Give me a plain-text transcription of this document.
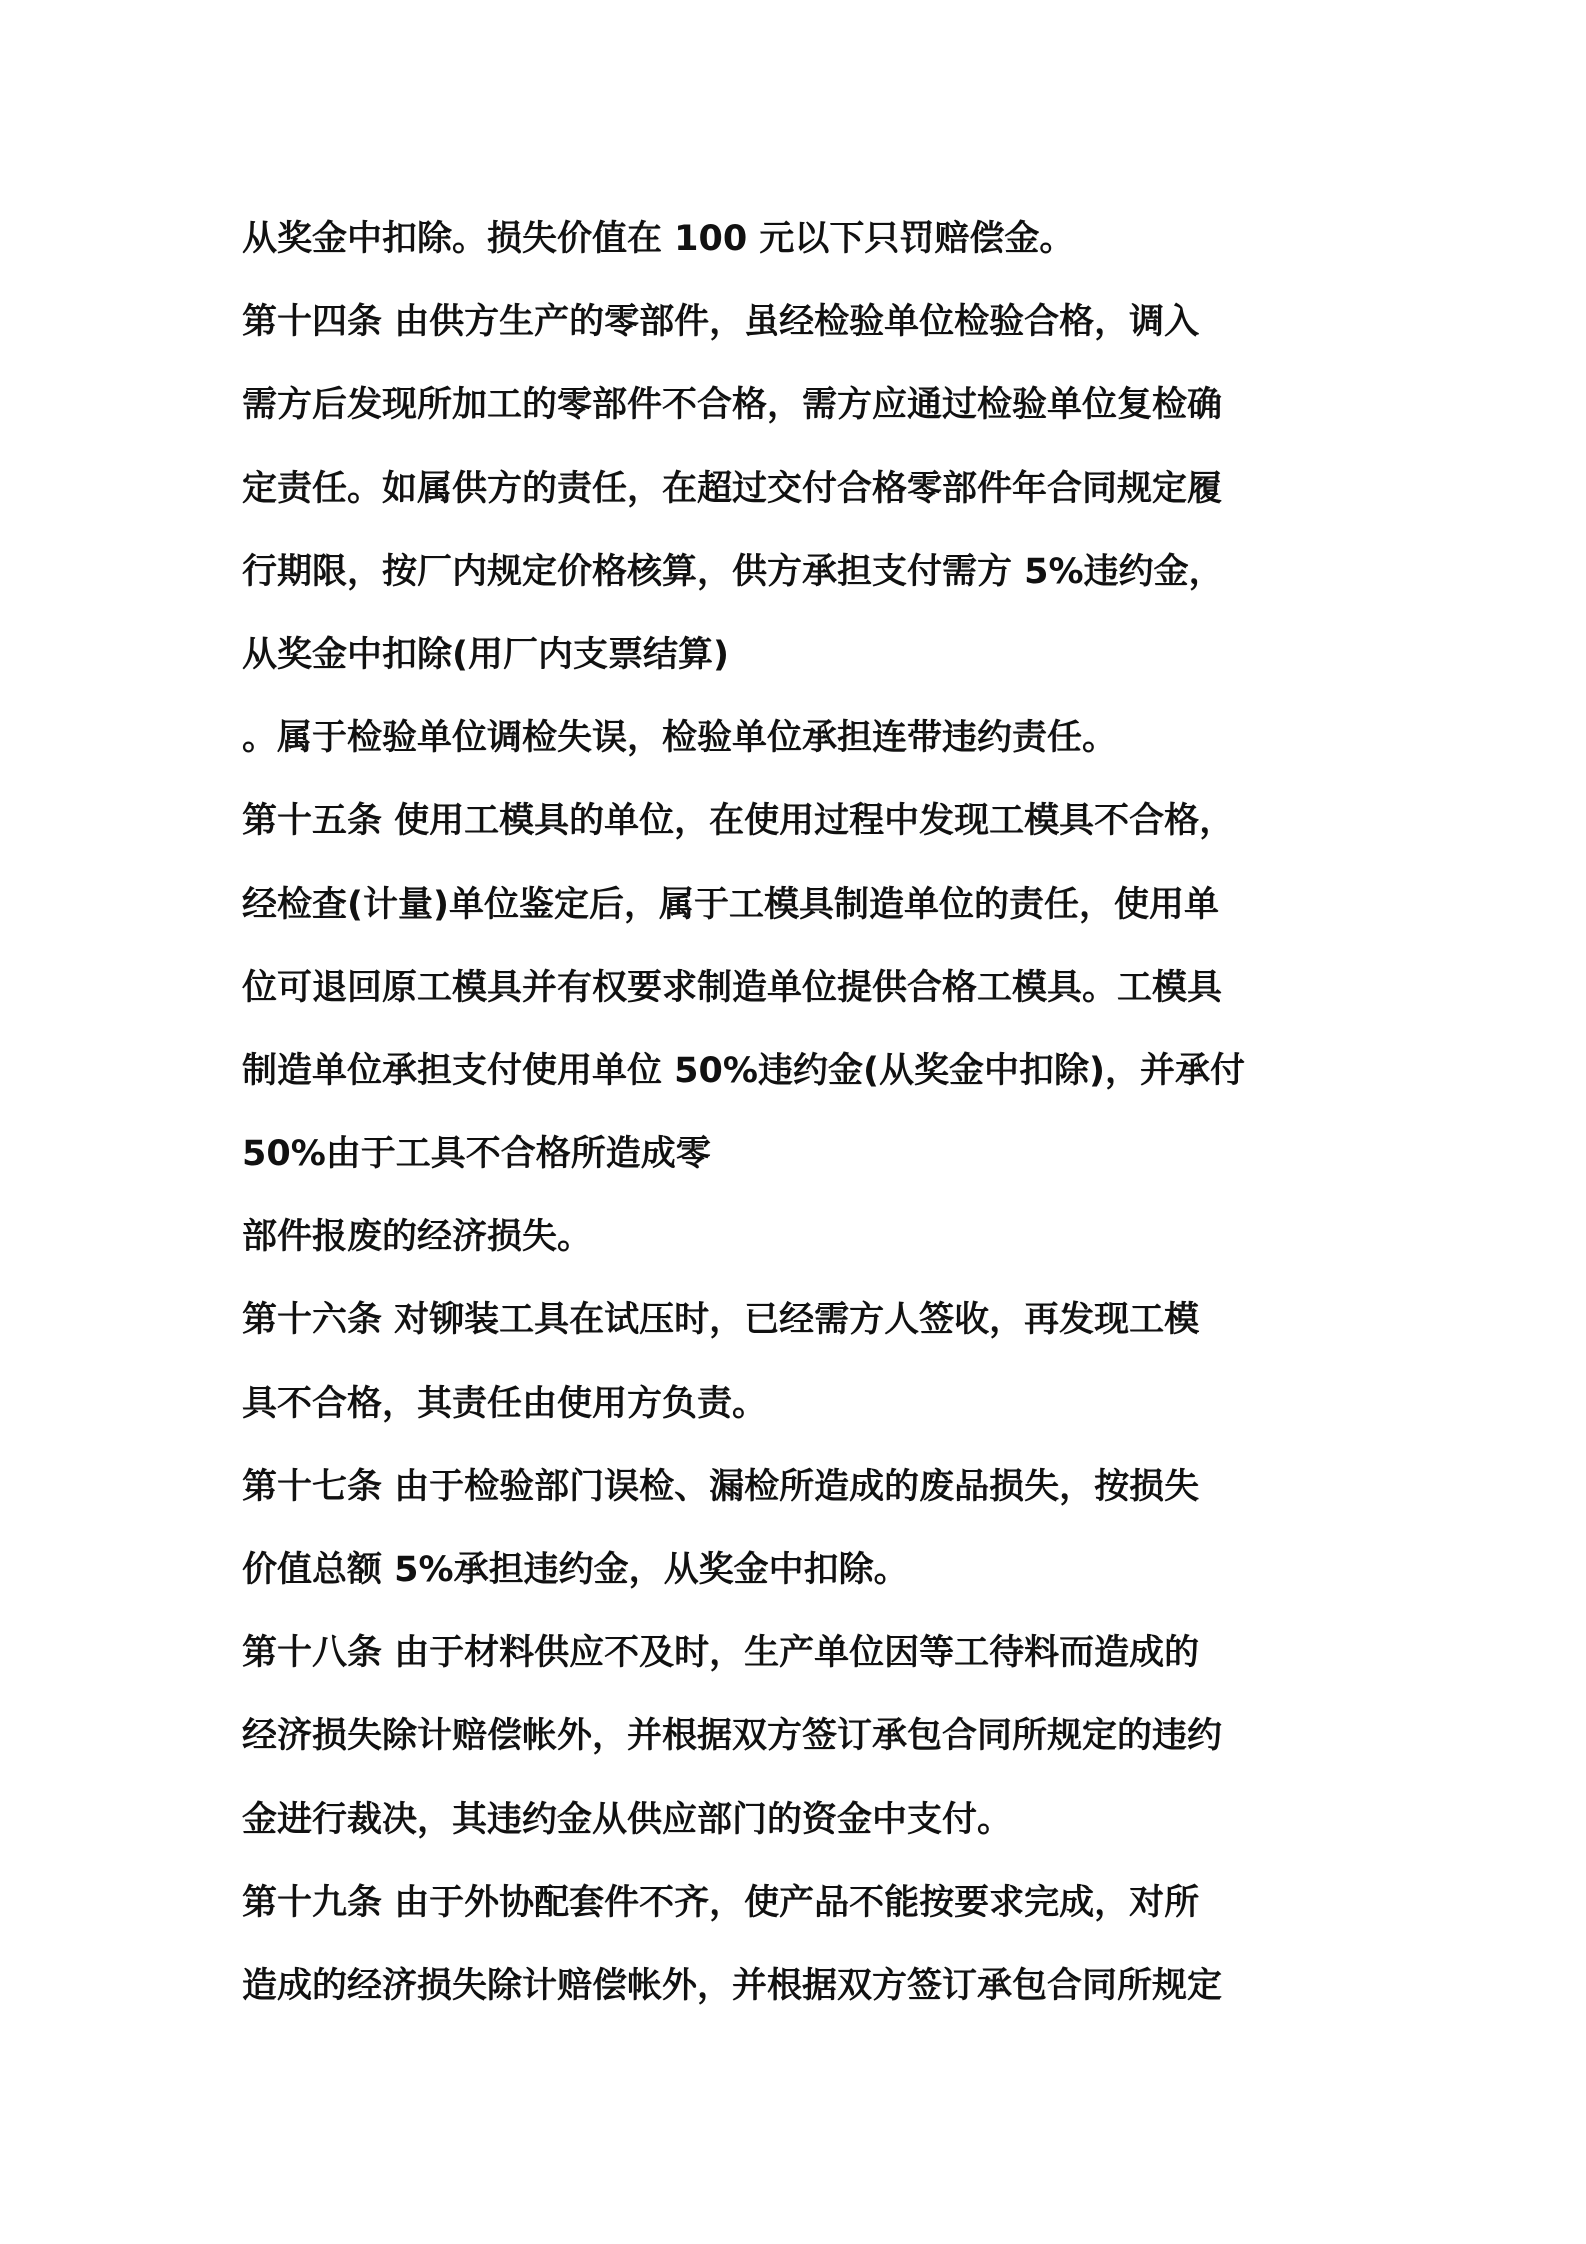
从奖金中扣除。损失价值在 100 元以下只罚赔偿金。
第十四条 由供方生产的零部件，虽经检验单位检验合格，调入
需方后发现所加工的零部件不合格，需方应通过检验单位复检确
定责任。如属供方的责任，在超过交付合格零部件年合同规定履
行期限，按厂内规定价格核算，供方承担支付需方 5%违约金，
从奖金中扣除(用厂内支票结算)
。属于检验单位调检失误，检验单位承担连带违约责任。
第十五条 使用工模具的单位，在使用过程中发现工模具不合格，
经检查(计量)单位鉴定后，属于工模具制造单位的责任，使用单
位可退回原工模具并有权要求制造单位提供合格工模具。工模具
制造单位承担支付使用单位 50%违约金(从奖金中扣除)，并承付
50%由于工具不合格所造成零
部件报废的经济损失。
第十六条 对铆装工具在试压时，已经需方人签收，再发现工模
具不合格，其责任由使用方负责。
第十七条 由于检验部门误检、漏检所造成的废品损失，按损失
价值总额 5%承担违约金，从奖金中扣除。
第十八条 由于材料供应不及时，生产单位因等工待料而造成的
经济损失除计赔偿帐外，并根据双方签订承包合同所规定的违约
金进行裁决，其违约金从供应部门的资金中支付。
第十九条 由于外协配套件不齐，使产品不能按要求完成，对所
造成的经济损失除计赔偿帐外，并根据双方签订承包合同所规定
